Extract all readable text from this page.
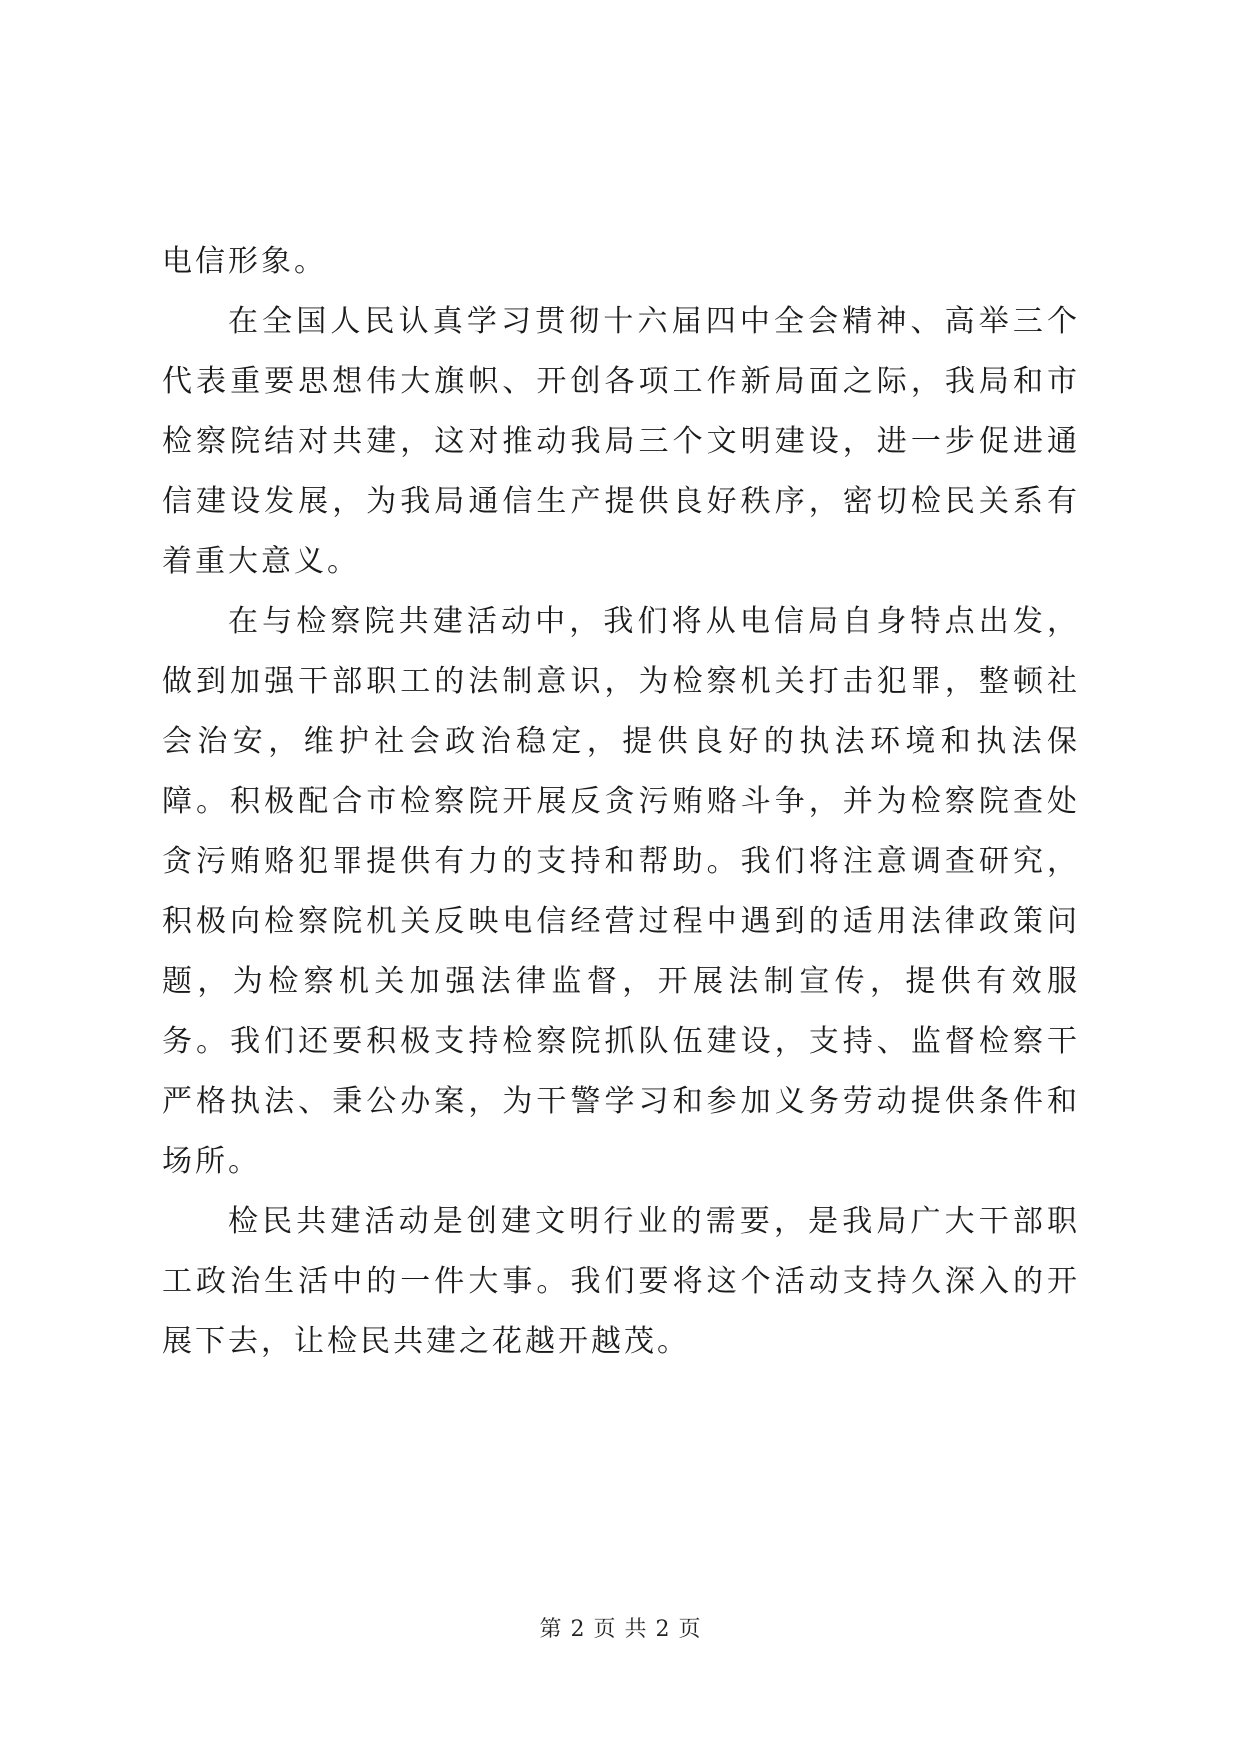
电信形象。

在全国人民认真学习贯彻十六届四中全会精神、高举三个代表重要思想伟大旗帜、开创各项工作新局面之际，我局和市检察院结对共建，这对推动我局三个文明建设，进一步促进通信建设发展，为我局通信生产提供良好秩序，密切检民关系有着重大意义。

在与检察院共建活动中，我们将从电信局自身特点出发，做到加强干部职工的法制意识，为检察机关打击犯罪，整顿社会治安，维护社会政治稳定，提供良好的执法环境和执法保障。积极配合市检察院开展反贪污贿赂斗争，并为检察院查处贪污贿赂犯罪提供有力的支持和帮助。我们将注意调查研究，积极向检察院机关反映电信经营过程中遇到的适用法律政策问题，为检察机关加强法律监督，开展法制宣传，提供有效服务。我们还要积极支持检察院抓队伍建设，支持、监督检察干严格执法、秉公办案，为干警学习和参加义务劳动提供条件和场所。

检民共建活动是创建文明行业的需要，是我局广大干部职工政治生活中的一件大事。我们要将这个活动支持久深入的开展下去，让检民共建之花越开越茂。

第 2 页 共 2 页
